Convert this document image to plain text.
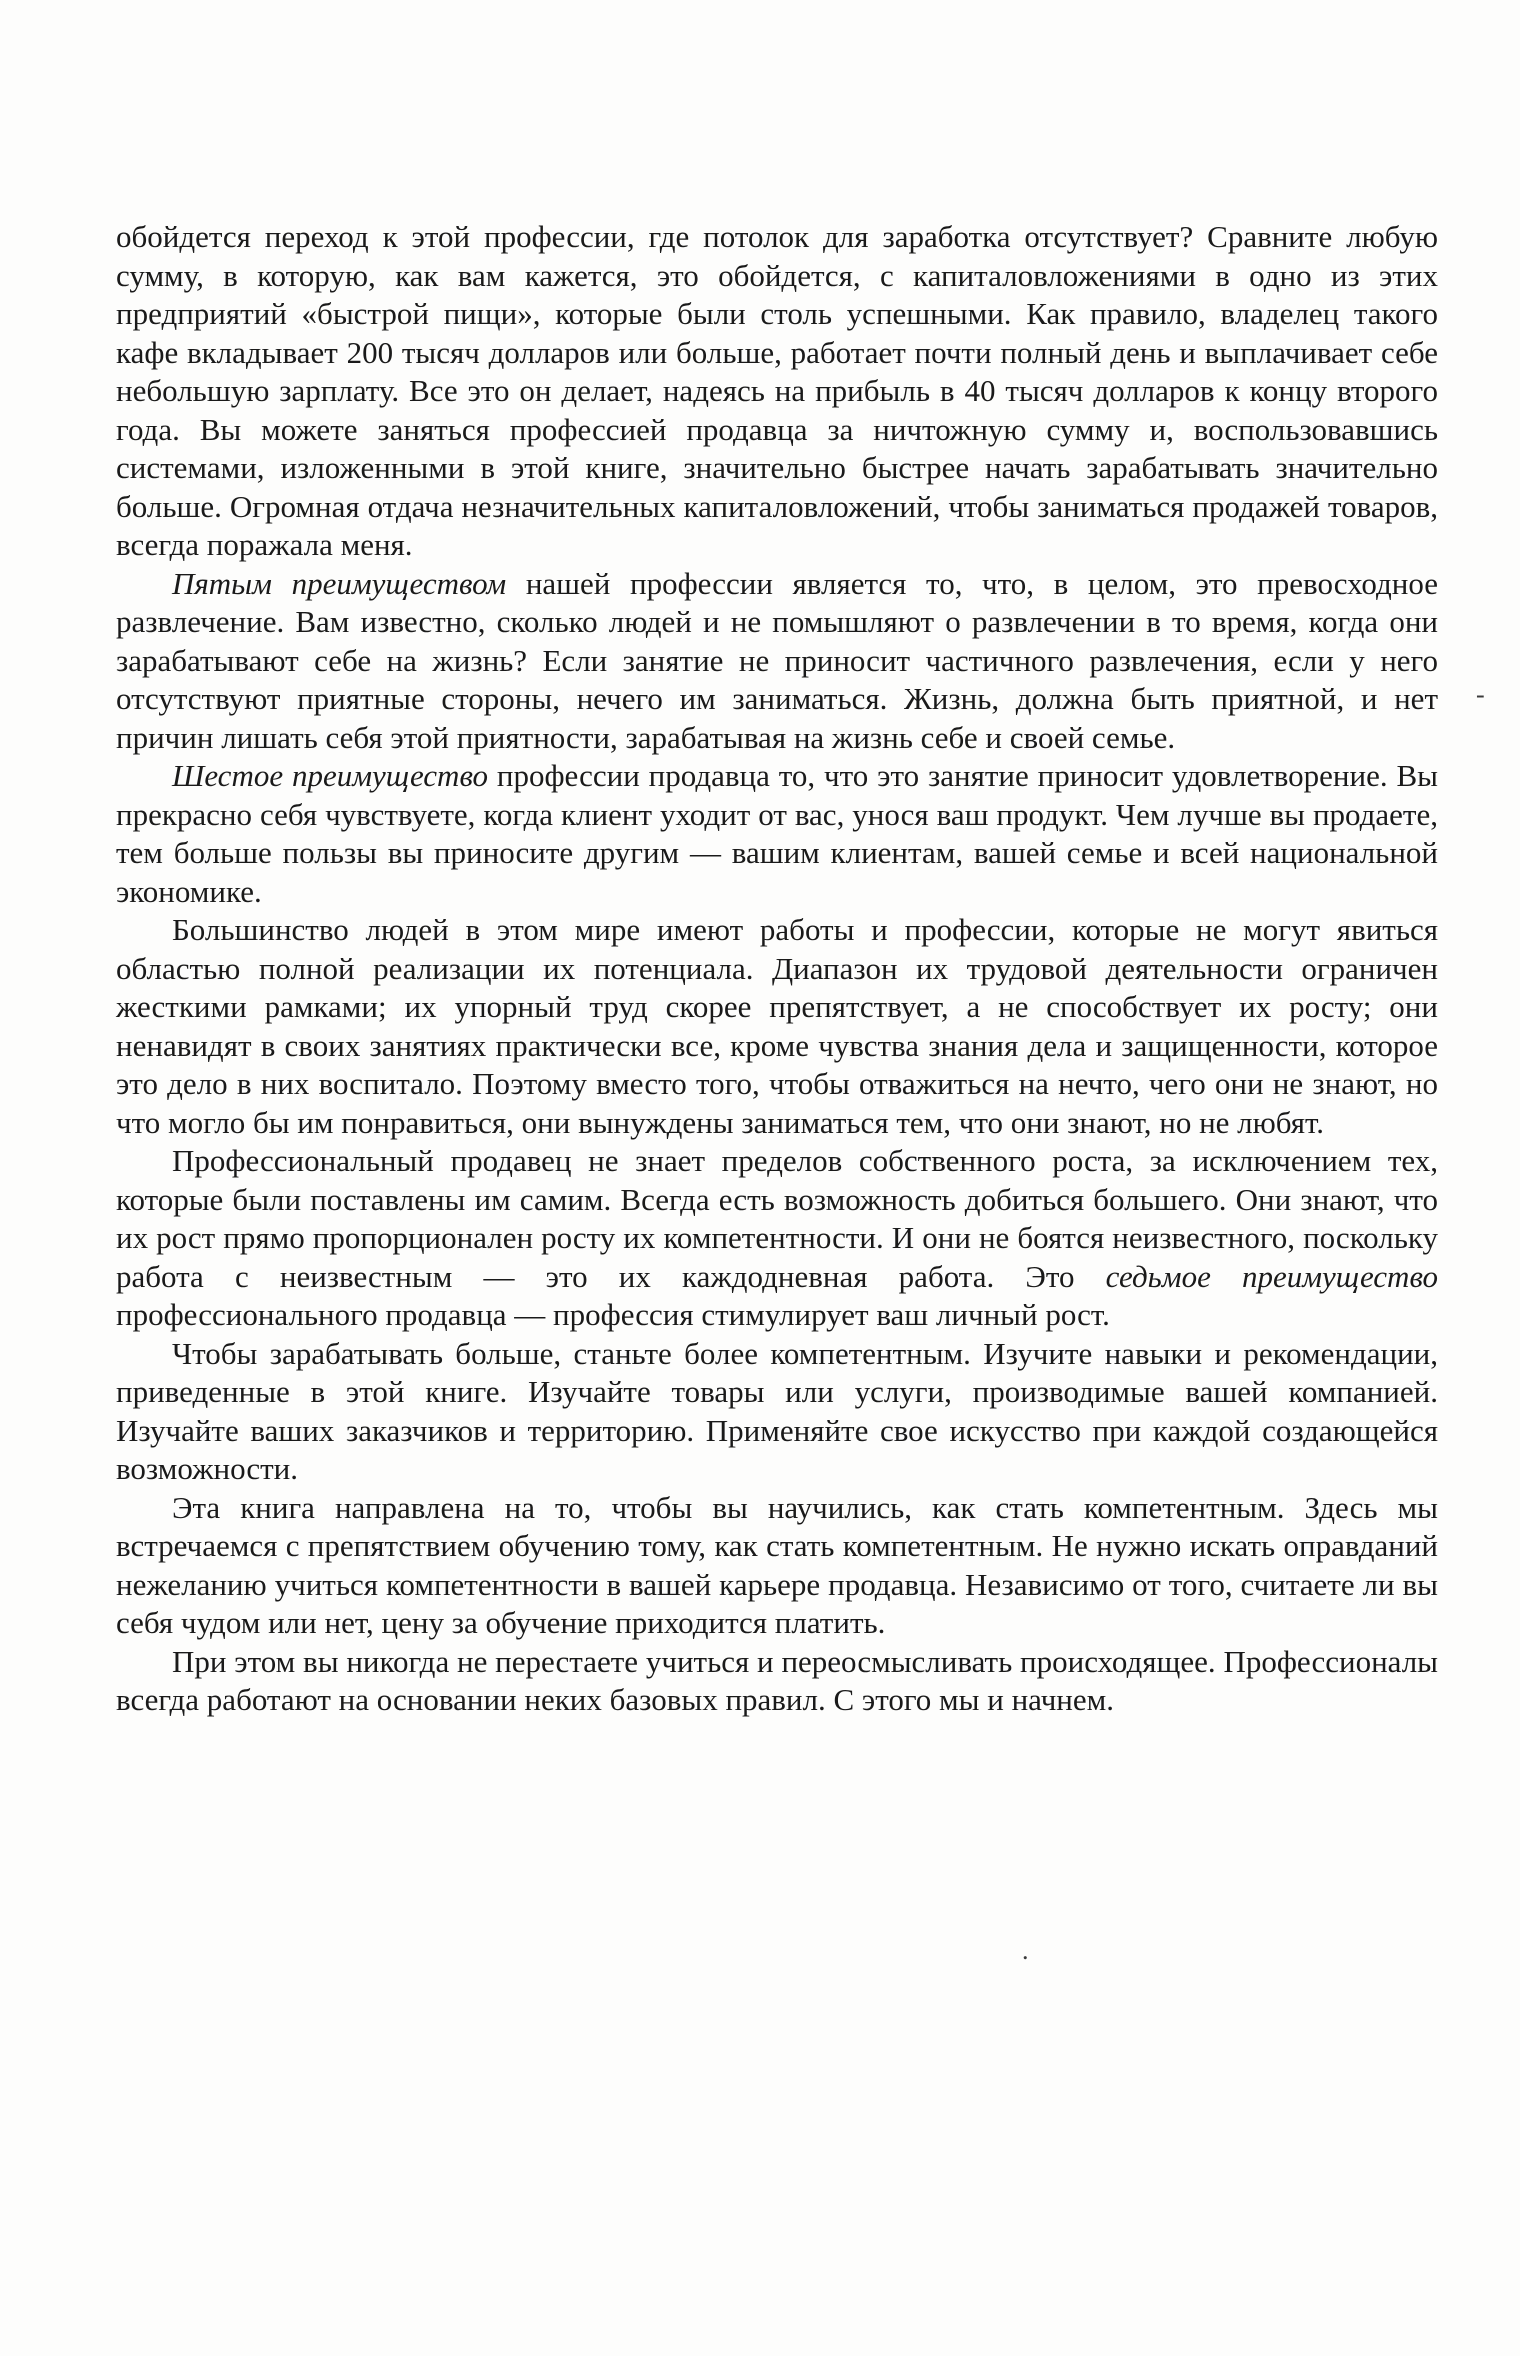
обойдется переход к этой профессии, где потолок для заработка отсутствует? Сравните любую сумму, в которую, как вам кажется, это обойдется, с капиталовложениями в одно из этих предприятий «быстрой пищи», которые были столь успешными. Как правило, владелец такого кафе вкладывает 200 тысяч долларов или больше, работает почти полный день и выплачивает себе небольшую зарплату. Все это он делает, надеясь на прибыль в 40 тысяч долларов к концу второго года. Вы можете заняться профессией продавца за ничтожную сумму и, воспользовавшись системами, изложенными в этой книге, значительно быстрее начать зарабатывать значительно больше. Огромная отдача незначительных капиталовложений, чтобы заниматься продажей товаров, всегда поражала меня.

Пятым преимуществом нашей профессии является то, что, в целом, это превосходное развлечение. Вам известно, сколько людей и не помышляют о развлечении в то время, когда они зарабатывают себе на жизнь? Если занятие не приносит частичного развлечения, если у него отсутствуют приятные стороны, нечего им заниматься. Жизнь, должна быть приятной, и нет причин лишать себя этой приятности, зарабатывая на жизнь себе и своей семье.

Шестое преимущество профессии продавца то, что это занятие приносит удовлетворение. Вы прекрасно себя чувствуете, когда клиент уходит от вас, унося ваш продукт. Чем лучше вы продаете, тем больше пользы вы приносите другим — вашим клиентам, вашей семье и всей национальной экономике.

Большинство людей в этом мире имеют работы и профессии, которые не могут явиться областью полной реализации их потенциала. Диапазон их трудовой деятельности ограничен жесткими рамками; их упорный труд скорее препятствует, а не способствует их росту; они ненавидят в своих занятиях практически все, кроме чувства знания дела и защищенности, которое это дело в них воспитало. Поэтому вместо того, чтобы отважиться на нечто, чего они не знают, но что могло бы им понравиться, они вынуждены заниматься тем, что они знают, но не любят.

Профессиональный продавец не знает пределов собственного роста, за исключением тех, которые были поставлены им самим. Всегда есть возможность добиться большего. Они знают, что их рост прямо пропорционален росту их компетентности. И они не боятся неизвестного, поскольку работа с неизвестным — это их каждодневная работа. Это седьмое преимущество профессионального продавца — профессия стимулирует ваш личный рост.

Чтобы зарабатывать больше, станьте более компетентным. Изучите навыки и рекомендации, приведенные в этой книге. Изучайте товары или услуги, производимые вашей компанией. Изучайте ваших заказчиков и территорию. Применяйте свое искусство при каждой создающейся возможности.

Эта книга направлена на то, чтобы вы научились, как стать компетентным. Здесь мы встречаемся с препятствием обучению тому, как стать компетентным. Не нужно искать оправданий нежеланию учиться компетентности в вашей карьере продавца. Независимо от того, считаете ли вы себя чудом или нет, цену за обучение приходится платить.

При этом вы никогда не перестаете учиться и переосмысливать происходящее. Профессионалы всегда работают на основании неких базовых правил. С этого мы и начнем.

-
.
